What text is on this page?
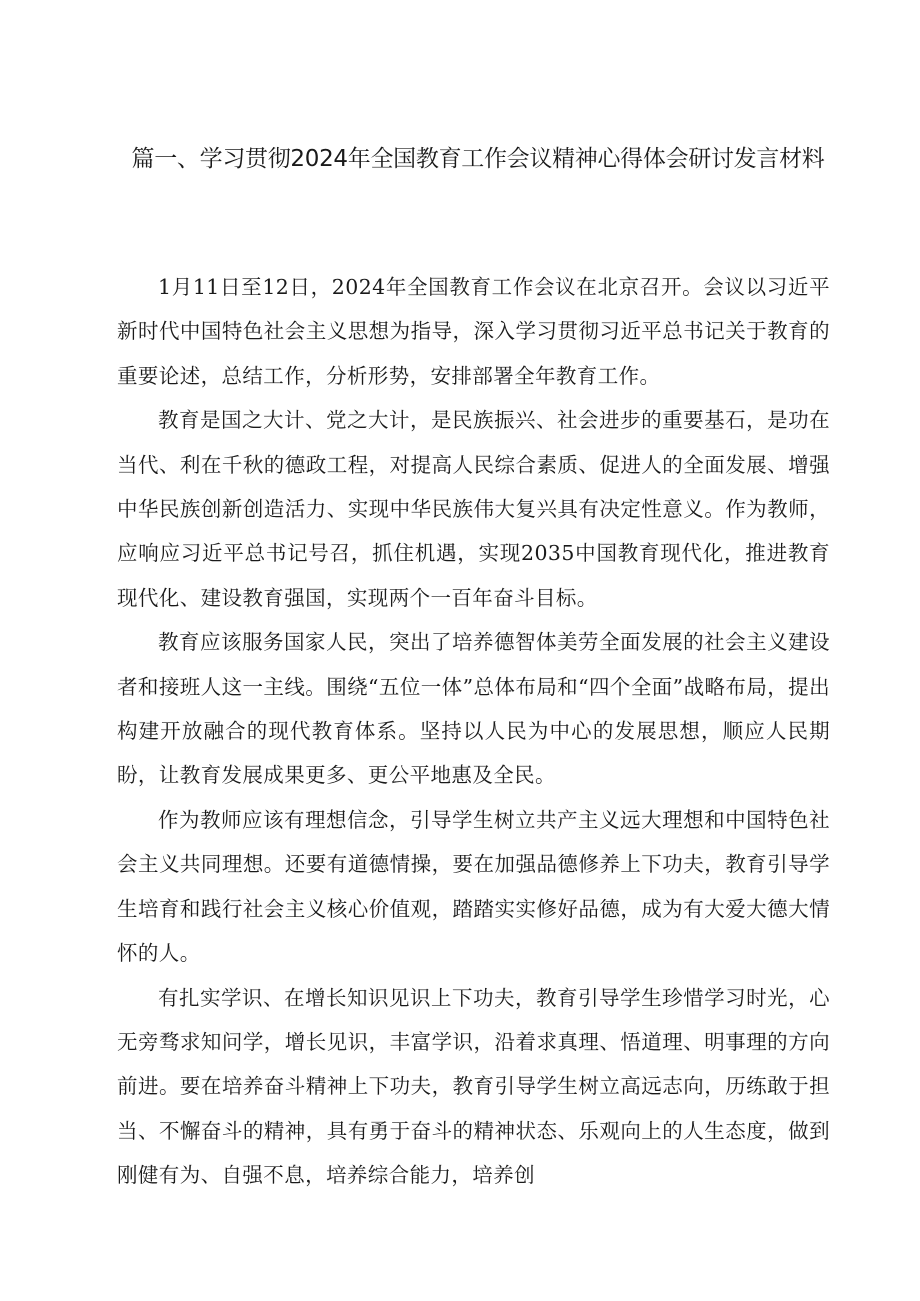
篇一、学习贯彻2024年全国教育工作会议精神心得体会研讨发言材料

1月11日至12日，2024年全国教育工作会议在北京召开。会议以习近平新时代中国特色社会主义思想为指导，深入学习贯彻习近平总书记关于教育的重要论述，总结工作，分析形势，安排部署全年教育工作。

教育是国之大计、党之大计，是民族振兴、社会进步的重要基石，是功在当代、利在千秋的德政工程，对提高人民综合素质、促进人的全面发展、增强中华民族创新创造活力、实现中华民族伟大复兴具有决定性意义。作为教师，应响应习近平总书记号召，抓住机遇，实现2035中国教育现代化，推进教育现代化、建设教育强国，实现两个一百年奋斗目标。

教育应该服务国家人民，突出了培养德智体美劳全面发展的社会主义建设者和接班人这一主线。围绕“五位一体”总体布局和“四个全面”战略布局，提出构建开放融合的现代教育体系。坚持以人民为中心的发展思想，顺应人民期盼，让教育发展成果更多、更公平地惠及全民。

作为教师应该有理想信念，引导学生树立共产主义远大理想和中国特色社会主义共同理想。还要有道德情操，要在加强品德修养上下功夫，教育引导学生培育和践行社会主义核心价值观，踏踏实实修好品德，成为有大爱大德大情怀的人。

有扎实学识、在增长知识见识上下功夫，教育引导学生珍惜学习时光，心无旁骛求知问学，增长见识，丰富学识，沿着求真理、悟道理、明事理的方向前进。要在培养奋斗精神上下功夫，教育引导学生树立高远志向，历练敢于担当、不懈奋斗的精神，具有勇于奋斗的精神状态、乐观向上的人生态度，做到刚健有为、自强不息，培养综合能力，培养创
